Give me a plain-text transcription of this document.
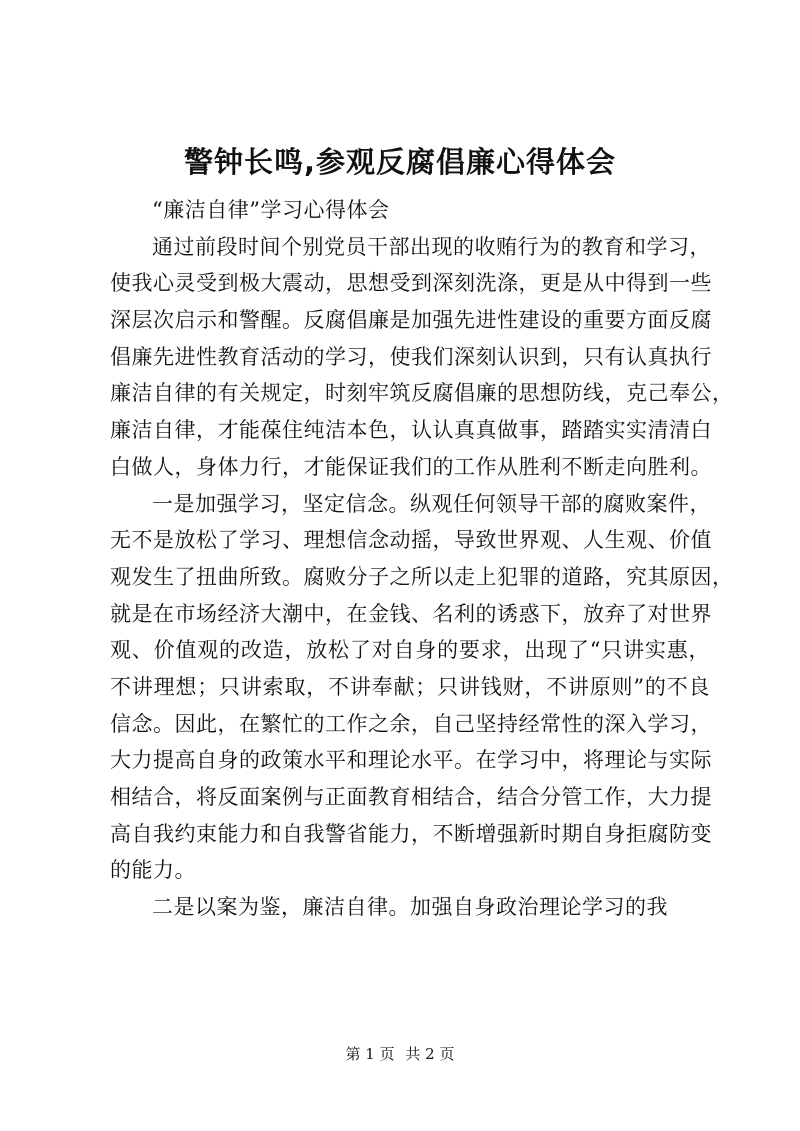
警钟长鸣,参观反腐倡廉心得体会
“廉洁自律”学习心得体会
通过前段时间个别党员干部出现的收贿行为的教育和学习，
使我心灵受到极大震动，思想受到深刻洗涤，更是从中得到一些
深层次启示和警醒。反腐倡廉是加强先进性建设的重要方面反腐
倡廉先进性教育活动的学习，使我们深刻认识到，只有认真执行
廉洁自律的有关规定，时刻牢筑反腐倡廉的思想防线，克己奉公，
廉洁自律，才能葆住纯洁本色，认认真真做事，踏踏实实清清白
白做人，身体力行，才能保证我们的工作从胜利不断走向胜利。
一是加强学习，坚定信念。纵观任何领导干部的腐败案件，
无不是放松了学习、理想信念动摇，导致世界观、人生观、价值
观发生了扭曲所致。腐败分子之所以走上犯罪的道路，究其原因，
就是在市场经济大潮中，在金钱、名利的诱惑下，放弃了对世界
观、价值观的改造，放松了对自身的要求，出现了“只讲实惠，
不讲理想；只讲索取，不讲奉献；只讲钱财，不讲原则”的不良
信念。因此，在繁忙的工作之余，自己坚持经常性的深入学习，
大力提高自身的政策水平和理论水平。在学习中，将理论与实际
相结合，将反面案例与正面教育相结合，结合分管工作，大力提
高自我约束能力和自我警省能力，不断增强新时期自身拒腐防变
的能力。
二是以案为鉴，廉洁自律。加强自身政治理论学习的我
第 1 页 共 2 页
